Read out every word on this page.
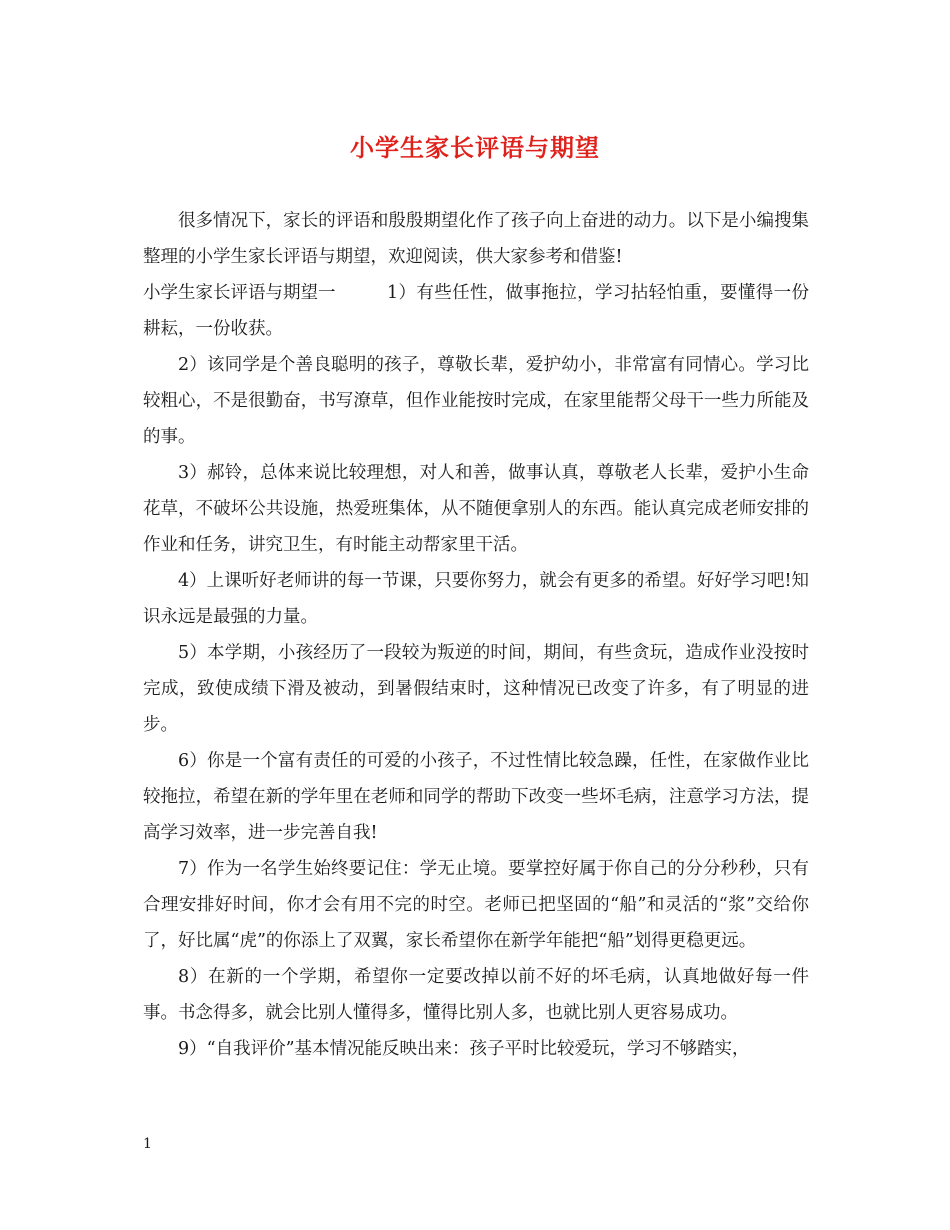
小学生家长评语与期望

很多情况下，家长的评语和殷殷期望化作了孩子向上奋进的动力。以下是小编搜集整理的小学生家长评语与期望，欢迎阅读，供大家参考和借鉴!

小学生家长评语与期望一	1）有些任性，做事拖拉，学习拈轻怕重，要懂得一份耕耘，一份收获。

2）该同学是个善良聪明的孩子，尊敬长辈，爱护幼小，非常富有同情心。学习比较粗心，不是很勤奋，书写潦草，但作业能按时完成，在家里能帮父母干一些力所能及的事。

3）郝铃，总体来说比较理想，对人和善，做事认真，尊敬老人长辈，爱护小生命花草，不破坏公共设施，热爱班集体，从不随便拿别人的东西。能认真完成老师安排的作业和任务，讲究卫生，有时能主动帮家里干活。

4）上课听好老师讲的每一节课，只要你努力，就会有更多的希望。好好学习吧!知识永远是最强的力量。

5）本学期，小孩经历了一段较为叛逆的时间，期间，有些贪玩，造成作业没按时完成，致使成绩下滑及被动，到暑假结束时，这种情况已改变了许多，有了明显的进步。

6）你是一个富有责任的可爱的小孩子，不过性情比较急躁，任性，在家做作业比较拖拉，希望在新的学年里在老师和同学的帮助下改变一些坏毛病，注意学习方法，提高学习效率，进一步完善自我!

7）作为一名学生始终要记住：学无止境。要掌控好属于你自己的分分秒秒，只有合理安排好时间，你才会有用不完的时空。老师已把坚固的“船”和灵活的“浆”交给你了，好比属“虎”的你添上了双翼，家长希望你在新学年能把“船”划得更稳更远。

8）在新的一个学期，希望你一定要改掉以前不好的坏毛病，认真地做好每一件事。书念得多，就会比别人懂得多，懂得比别人多，也就比别人更容易成功。

9）“自我评价”基本情况能反映出来：孩子平时比较爱玩，学习不够踏实，

1
